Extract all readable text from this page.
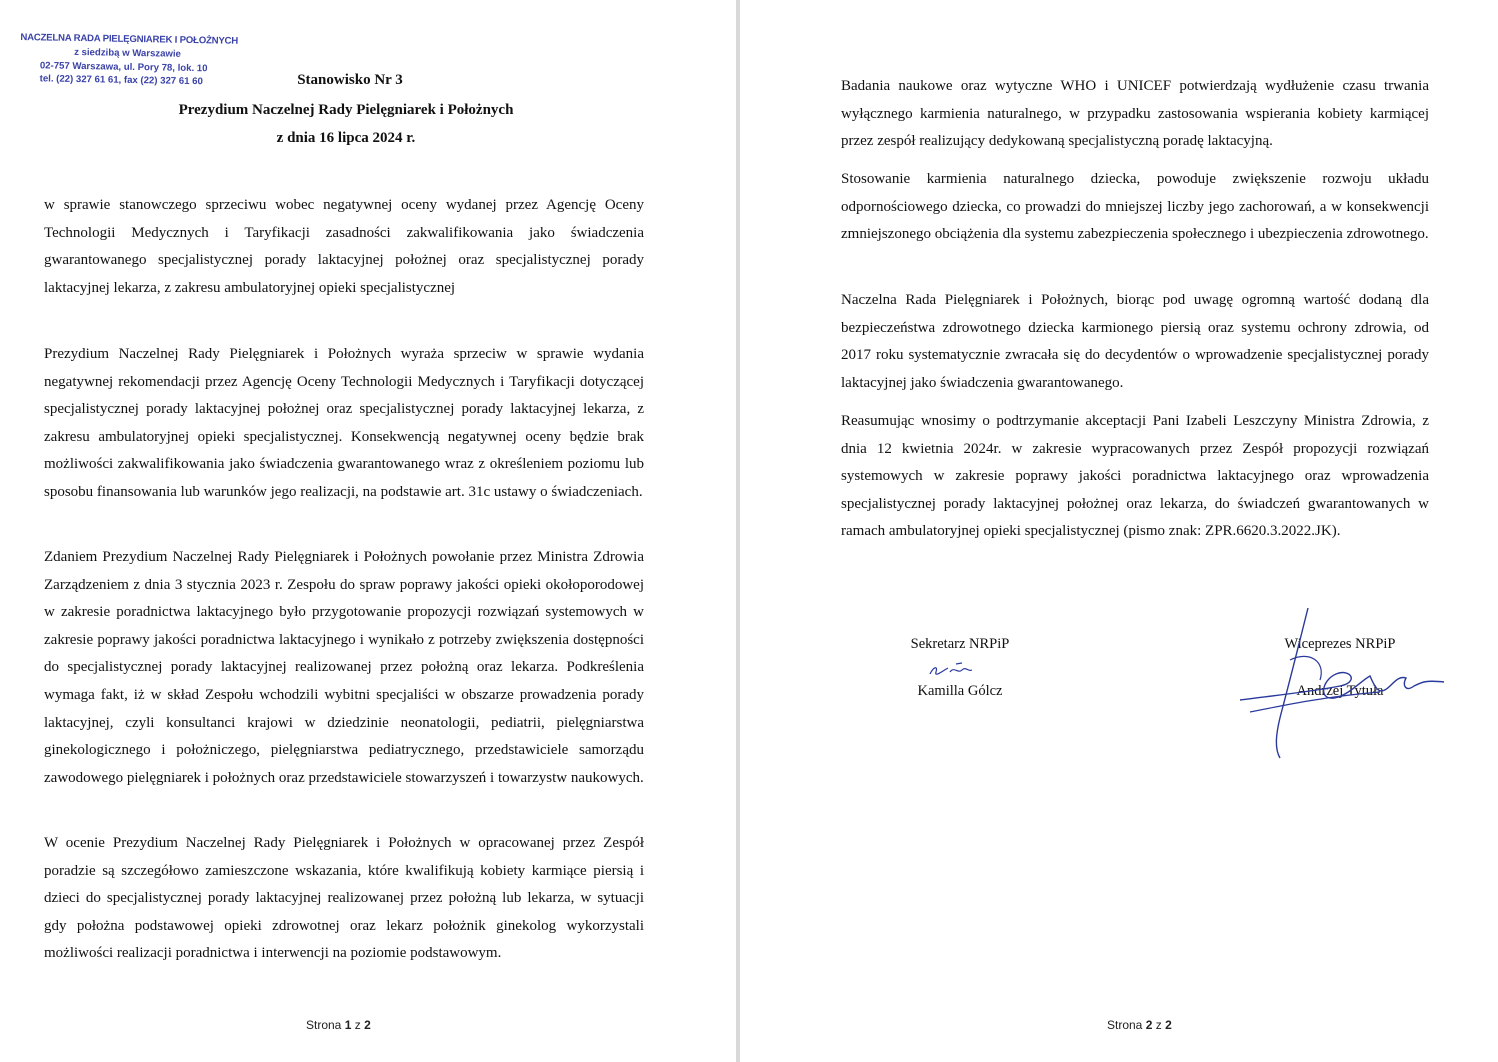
NACZELNA RADA PIELĘGNIAREK I POŁOŻNYCH
z siedzibą w Warszawie
02-757 Warszawa, ul. Pory 78, lok. 10
tel. (22) 327 61 61, fax (22) 327 61 60	Stanowisko Nr 3
Prezydium Naczelnej Rady Pielęgniarek i Położnych
z dnia 16 lipca 2024 r.

w sprawie stanowczego sprzeciwu wobec negatywnej oceny wydanej przez Agencję Oceny Technologii Medycznych i Taryfikacji zasadności zakwalifikowania jako świadczenia gwarantowanego specjalistycznej porady laktacyjnej położnej oraz specjalistycznej porady laktacyjnej lekarza, z zakresu ambulatoryjnej opieki specjalistycznej

Prezydium Naczelnej Rady Pielęgniarek i Położnych wyraża sprzeciw w sprawie wydania negatywnej rekomendacji przez Agencję Oceny Technologii Medycznych i Taryfikacji dotyczącej specjalistycznej porady laktacyjnej położnej oraz specjalistycznej porady laktacyjnej lekarza, z zakresu ambulatoryjnej opieki specjalistycznej. Konsekwencją negatywnej oceny będzie brak możliwości zakwalifikowania jako świadczenia gwarantowanego wraz z określeniem poziomu lub sposobu finansowania lub warunków jego realizacji, na podstawie art. 31c ustawy o świadczeniach.

Zdaniem Prezydium Naczelnej Rady Pielęgniarek i Położnych powołanie przez Ministra Zdrowia Zarządzeniem z dnia 3 stycznia 2023 r. Zespołu do spraw poprawy jakości opieki okołoporodowej w zakresie poradnictwa laktacyjnego było przygotowanie propozycji rozwiązań systemowych w zakresie poprawy jakości poradnictwa laktacyjnego i wynikało z potrzeby zwiększenia dostępności do specjalistycznej porady laktacyjnej realizowanej przez położną oraz lekarza. Podkreślenia wymaga fakt, iż w skład Zespołu wchodzili wybitni specjaliści w obszarze prowadzenia porady laktacyjnej, czyli konsultanci krajowi w dziedzinie neonatologii, pediatrii, pielęgniarstwa ginekologicznego i położniczego, pielęgniarstwa pediatrycznego, przedstawiciele samorządu zawodowego pielęgniarek i położnych oraz przedstawiciele stowarzyszeń i towarzystw naukowych.

W ocenie Prezydium Naczelnej Rady Pielęgniarek i Położnych w opracowanej przez Zespół poradzie są szczegółowo zamieszczone wskazania, które kwalifikują kobiety karmiące piersią i dzieci do specjalistycznej porady laktacyjnej realizowanej przez położną lub lekarza, w sytuacji gdy położna podstawowej opieki zdrowotnej oraz lekarz położnik ginekolog wykorzystali możliwości realizacji poradnictwa i interwencji na poziomie podstawowym.

Strona 1 z 2

Badania naukowe oraz wytyczne WHO i UNICEF potwierdzają wydłużenie czasu trwania wyłącznego karmienia naturalnego, w przypadku zastosowania wspierania kobiety karmiącej przez zespół realizujący dedykowaną specjalistyczną poradę laktacyjną.

Stosowanie karmienia naturalnego dziecka, powoduje zwiększenie rozwoju układu odpornościowego dziecka, co prowadzi do mniejszej liczby jego zachorowań, a w konsekwencji zmniejszonego obciążenia dla systemu zabezpieczenia społecznego i ubezpieczenia zdrowotnego.

Naczelna Rada Pielęgniarek i Położnych, biorąc pod uwagę ogromną wartość dodaną dla bezpieczeństwa zdrowotnego dziecka karmionego piersią oraz systemu ochrony zdrowia, od 2017 roku systematycznie zwracała się do decydentów o wprowadzenie specjalistycznej porady laktacyjnej jako świadczenia gwarantowanego.

Reasumując wnosimy o podtrzymanie akceptacji Pani Izabeli Leszczyny Ministra Zdrowia, z dnia 12 kwietnia 2024r. w zakresie wypracowanych przez Zespół propozycji rozwiązań systemowych w zakresie poprawy jakości poradnictwa laktacyjnego oraz wprowadzenia specjalistycznej porady laktacyjnej położnej oraz lekarza, do świadczeń gwarantowanych w ramach ambulatoryjnej opieki specjalistycznej (pismo znak: ZPR.6620.3.2022.JK).

Sekretarz NRPiP
Kamilla Gólcz
Wiceprezes NRPiP
Andrzej Tytuła
Strona 2 z 2
